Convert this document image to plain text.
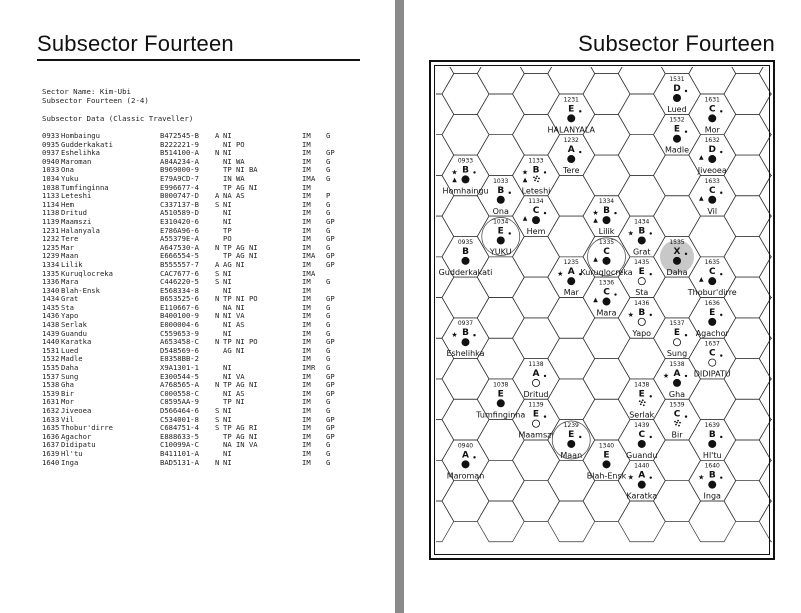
Subsector Fourteen
Sector Name: Kim-Ubi
Subsector Fourteen (2-4)
Subsector Data (Classic Traveller)
0933 Hombaingu	B472545-B A NI	IM G
0935 Gudderkakati	B222221-9	NI PO	IM
0937 Eshelihka	B514100-A N NI	IM GP
0940 Maroman	A84A234-A	NI WA	IM G
1033 Ona	B969000-9	TP NI BA	IM G
1034 Yuku	E79A9CD-7	IN WA	IM A G
1038 Tumfinginna	E996677-4	TP AG NI	IM
1133 Leteshi	B000747-D A NA AS	IM P
1134 Hem	C337137-B S NI	IM G
1138 Dritud	A510589-D	NI	IM G
1139 Maamszi	E310420-6	NI	IM GP
1231 Halanyala	E786A96-6	TP	IM G
1232 Tere	A55379E-A	PO	IM GP
1235 Mar	A647530-A N TP AG NI	IM G
1239 Maan	E666554-5	TP AG NI	IM A GP
1334 Lilik	B555557-7 A AG NI	IM GP
1335 Kuruqlocreka	CAC7677-6 S NI	IM A
1336 Mara	C446220-5 S NI	IM G
1340 Blah-Ensk	E568334-8	NI	IM
1434 Grat	B653525-6 N TP NI PO	IM GP
1435 Sta	E110667-6	NA NI	IM G
1436 Yapo	B400100-9 N NI VA	IM G
1438 Serlak	E000004-6	NI AS	IM G
1439 Guandu	C559653-9	NI	IM G
1440 Karatka	A653458-C N TP NI PO	IM GP
1531 Lued	D548569-6	AG NI	IM G
1532 Madle	E8358BB-2	IM G
1535 Daha	X9A1301-1	NI	IM R G
1537 Sung	E300544-5	NI VA	IM GP
1538 Gha	A768565-A N TP AG NI	IM GP
1539 Bir	C000558-C	NI AS	IM GP
1631 Mor	C8595AA-9	TP NI	IM G
1632 Jiveoea	D566464-6 S NI	IM G
1633 Vil	C534001-8 S NI	IM GP
1635 Thobur'dirre	C684751-4 S TP AG RI	IM GP
1636 Agachor	E888633-5	TP AG NI	IM GP
1637 Didipatu	C10099A-C	NA IN VA	IM G
1639 Hl'tu	B411101-A	NI	IM G
1640 Inga	BAD5131-A N NI	IM G
Subsector Fourteen
0933
B
★
▲
Homhaingu
0935
B
Gudderkakati
0937
B
★
Eshelihka
0940
A
Maroman
1033
B
Ona
1034
E
YUKU
1038
E
Tumfinginna
1133
B
★
▲
Leteshi
1134
C
▲
Hem
1138
A
Dritud
1139
E
Maamszi
1231
E
HALANYALA
1232
A
Tere
1235
A
★
Mar
1239
E
Maan
1334
B
★
▲
Lilik
1335
C
▲
Kuruqlocreka
1336
C
▲
Mara
1340
E
Blah-Ensk
1434
B
★
Grat
1435
E
Sta
1436
B
★
Yapo
1438
E
Serlak
1439
C
Guandu
1440
A
★
Karatka
1531
D
Lued
1532
E
Madle
1535
X
Daha
1537
E
Sung
1538
A
★
Gha
1539
C
Bir
1631
C
Mor
1632
D
▲
Jiveoea
1633
C
▲
Vil
1635
C
▲
Thobur'dirre
1636
E
Agachor
1637
C
DIDIPATU
1639
B
Hl'tu
1640
B
★
Inga
